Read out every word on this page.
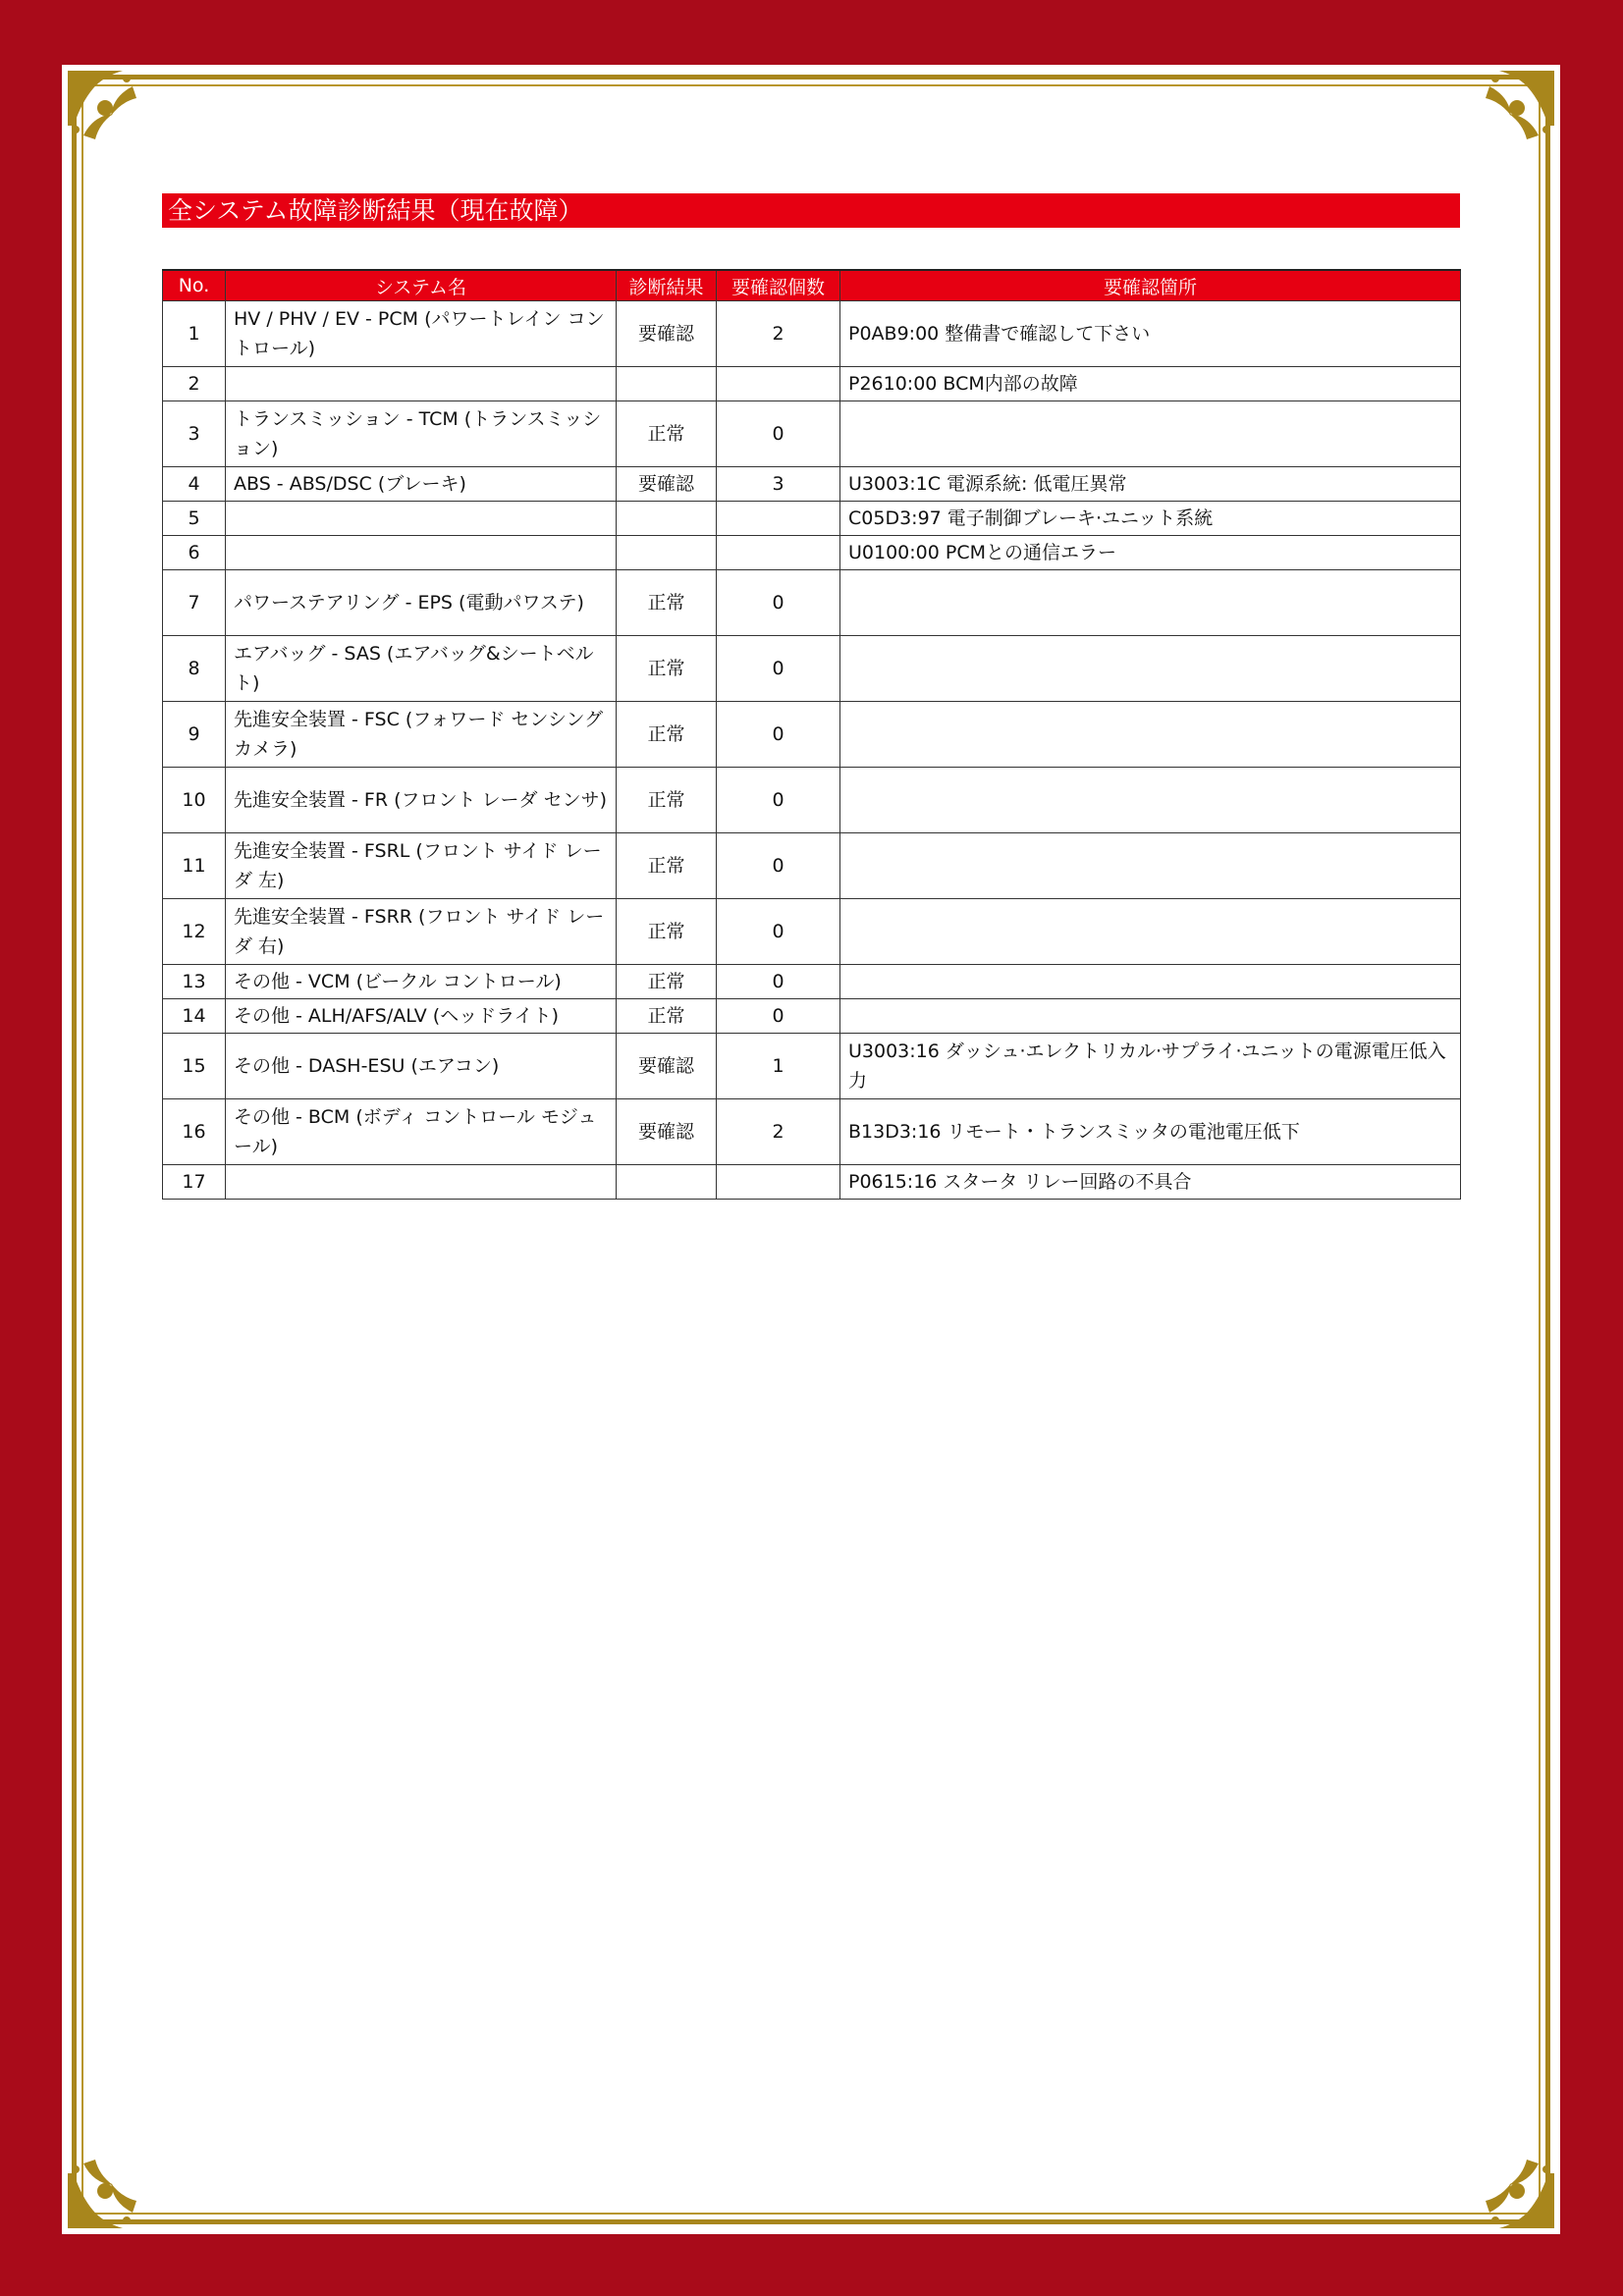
全システム故障診断結果（現在故障）
No.	システム名	診断結果	要確認個数	要確認箇所
1	HV / PHV / EV - PCM (パワートレイン コントロール)	要確認	2	P0AB9:00 整備書で確認して下さい
2				P2610:00 BCM内部の故障
3	トランスミッション - TCM (トランスミッション)	正常	0	
4	ABS - ABS/DSC (ブレーキ)	要確認	3	U3003:1C 電源系統: 低電圧異常
5				C05D3:97 電子制御ブレーキ·ユニット系統
6				U0100:00 PCMとの通信エラー
7	パワーステアリング - EPS (電動パワステ)	正常	0	
8	エアバッグ - SAS (エアバッグ&シートベルト)	正常	0	
9	先進安全装置 - FSC (フォワード センシング カメラ)	正常	0	
10	先進安全装置 - FR (フロント レーダ センサ)	正常	0	
11	先進安全装置 - FSRL (フロント サイド レーダ 左)	正常	0	
12	先進安全装置 - FSRR (フロント サイド レーダ 右)	正常	0	
13	その他 - VCM (ビークル コントロール)	正常	0	
14	その他 - ALH/AFS/ALV (ヘッドライト)	正常	0	
15	その他 - DASH-ESU (エアコン)	要確認	1	U3003:16 ダッシュ·エレクトリカル·サプライ·ユニットの電源電圧低入力
16	その他 - BCM (ボディ コントロール モジュール)	要確認	2	B13D3:16 リモート・トランスミッタの電池電圧低下
17				P0615:16 スタータ リレー回路の不具合
